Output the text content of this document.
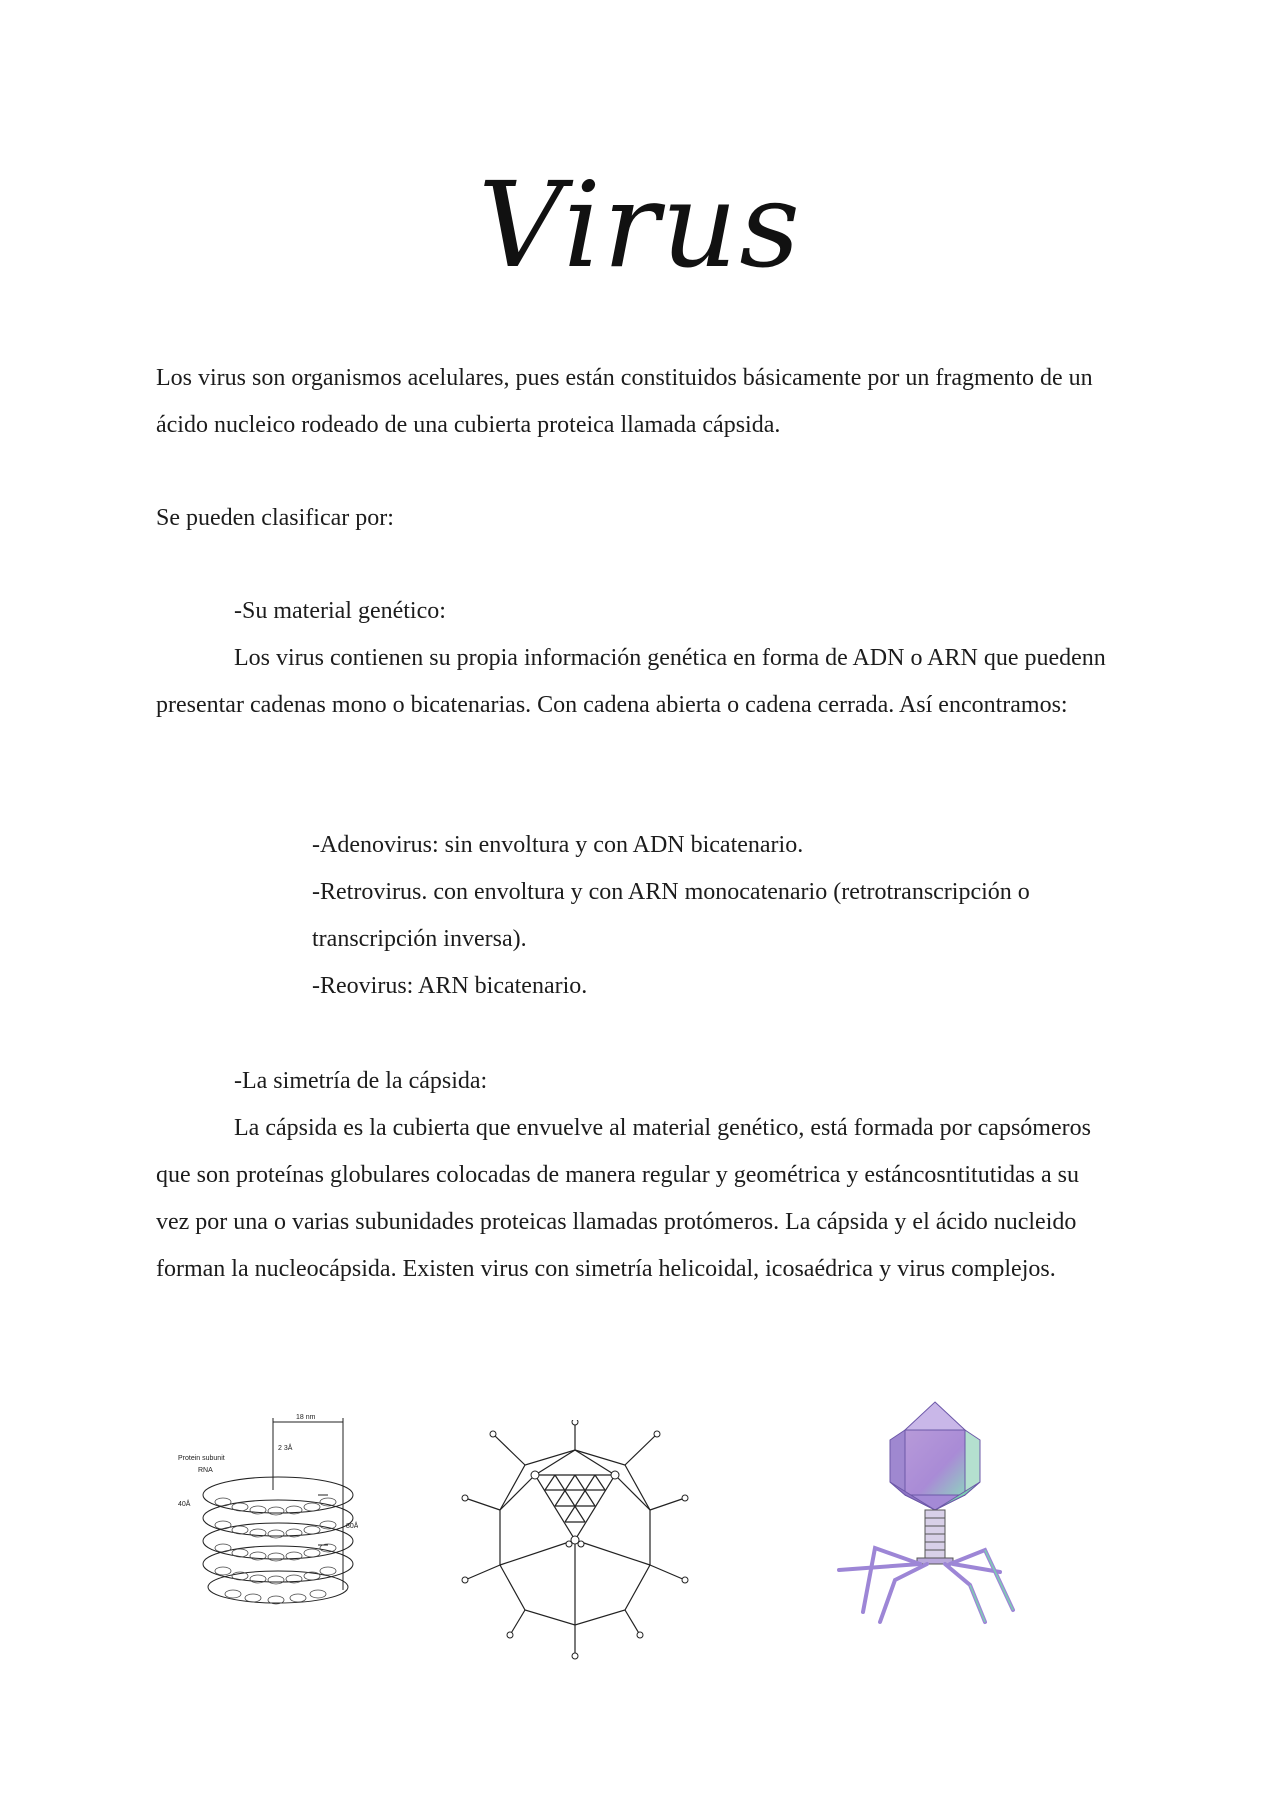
Virus
Los virus son organismos acelulares, pues están constituidos básicamente por un fragmento de un ácido nucleico rodeado de una cubierta proteica llamada cápsida.
Se pueden clasificar por:
-Su material genético:
Los virus contienen su propia información genética en forma de ADN o ARN que puedenn presentar cadenas mono o bicatenarias. Con cadena abierta o cadena cerrada. Así encontramos:
-Adenovirus: sin envoltura y con ADN bicatenario.
-Retrovirus. con envoltura y con ARN monocatenario (retrotranscripción o transcripción inversa).
-Reovirus: ARN bicatenario.
-La simetría de la cápsida:
La cápsida es la cubierta que envuelve al material genético, está formada por capsómeros que son proteínas globulares colocadas de manera regular y geométrica y estáncosntitutidas a su vez por una o varias subunidades proteicas llamadas protómeros. La cápsida y el ácido nucleido forman la nucleocápsida. Existen virus con simetría helicoidal, icosaédrica y virus complejos.
Protein subunit
RNA
18 nm
2 3Å
80Å
40Å
